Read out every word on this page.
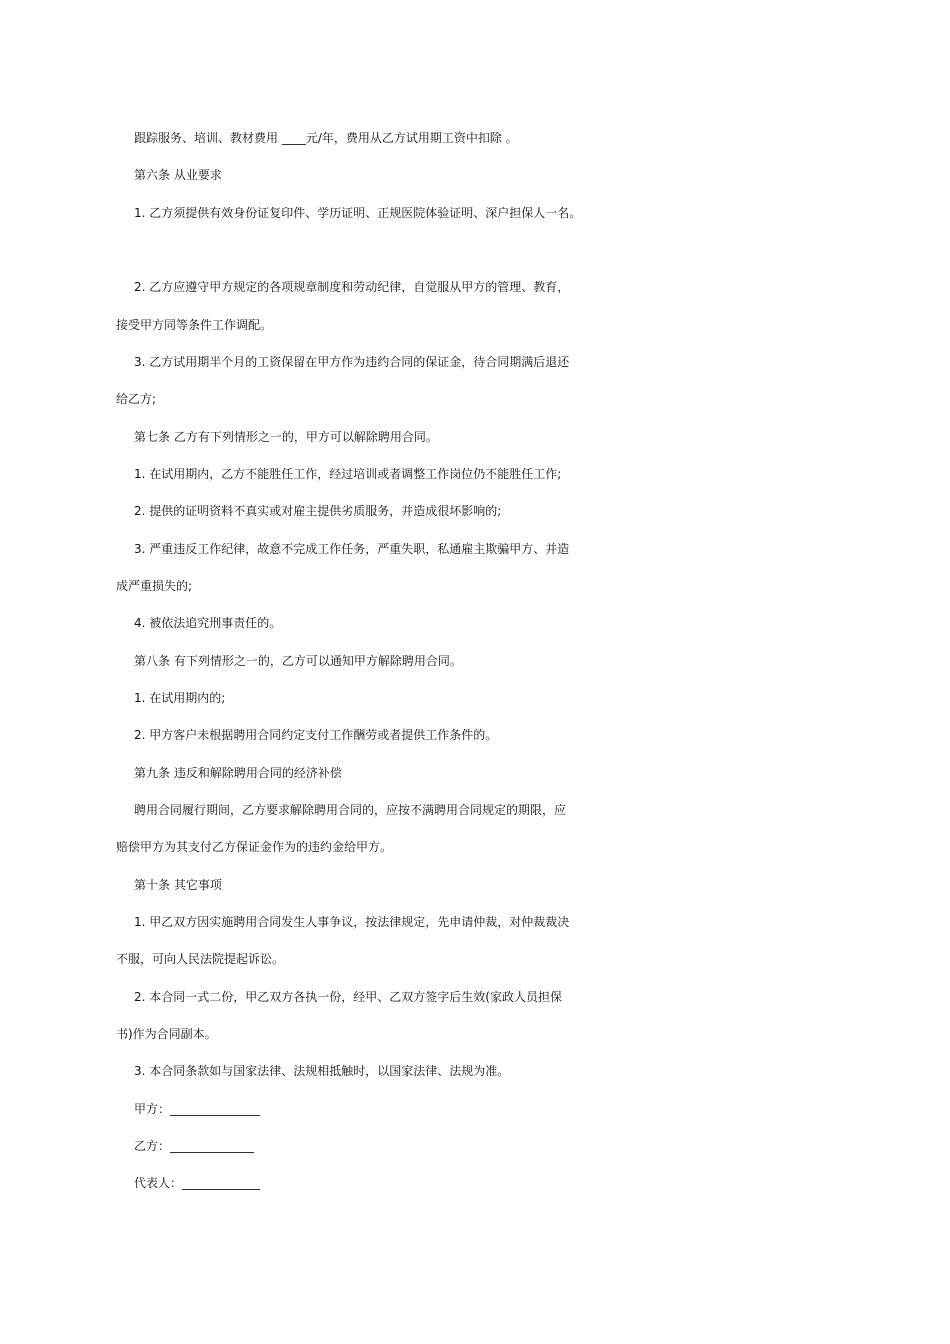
跟踪服务、培训、教材费用 ____元/年，费用从乙方试用期工资中扣除 。
第六条 从业要求
1. 乙方须提供有效身份证复印件、学历证明、正规医院体验证明、深户担保人一名。
2. 乙方应遵守甲方规定的各项规章制度和劳动纪律，自觉服从甲方的管理、教育，
接受甲方同等条件工作调配。
3. 乙方试用期半个月的工资保留在甲方作为违约合同的保证金，待合同期满后退还
给乙方;
第七条 乙方有下列情形之一的，甲方可以解除聘用合同。
1. 在试用期内，乙方不能胜任工作，经过培训或者调整工作岗位仍不能胜任工作;
2. 提供的证明资料不真实或对雇主提供劣质服务，并造成很坏影响的;
3. 严重违反工作纪律，故意不完成工作任务，严重失职，私通雇主欺骗甲方、并造
成严重损失的;
4. 被依法追究刑事责任的。
第八条 有下列情形之一的，乙方可以通知甲方解除聘用合同。
1. 在试用期内的;
2. 甲方客户未根据聘用合同约定支付工作酬劳或者提供工作条件的。
第九条 违反和解除聘用合同的经济补偿
聘用合同履行期间，乙方要求解除聘用合同的，应按不满聘用合同规定的期限，应
赔偿甲方为其支付乙方保证金作为的违约金给甲方。
第十条 其它事项
1. 甲乙双方因实施聘用合同发生人事争议，按法律规定，先申请仲裁，对仲裁裁决
不服，可向人民法院提起诉讼。
2. 本合同一式二份，甲乙双方各执一份，经甲、乙双方签字后生效(家政人员担保
书)作为合同副本。
3. 本合同条款如与国家法律、法规相抵触时，以国家法律、法规为准。
甲方：_______________
乙方：______________
代表人：_____________
